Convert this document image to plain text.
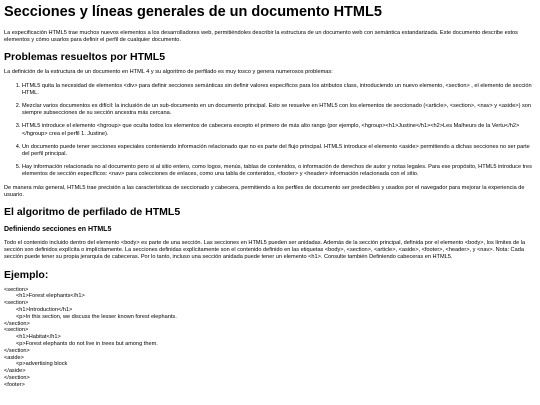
Secciones y líneas generales de un documento HTML5

La especificación HTML5 trae muchos nuevos elementos a los desarrolladores web, permitiéndoles describir la estructura de un documento web con semántica estandarizada. Este documento describe estos elementos y cómo usarlos para definir el perfil de cualquier documento.

Problemas resueltos por HTML5

La definición de la estructura de un documento en HTML 4 y su algoritmo de perfilado es muy tosco y genera numerosos problemas:

1. HTML5 quita la necesidad de elementos <div> para definir secciones semánticas sin definir valores específicos para los atributos class, introduciendo un nuevo elemento, <section> , el elemento de sección HTML.
2. Mezclar varios documentos es difícil: la inclusión de un sub-documento en un documento principal. Esto se resuelve en HTML5 con los elementos de seccionado (<article>, <section>, <nav> y <aside>) son siempre subsecciones de su sección ancestra más cercana.
3. HTML5 introduce el elemento <hgroup> que oculta todos los elementos de cabecera excepto el primero de más alto rango (por ejemplo, <hgroup><h1>Justine</h1><h2>Les Malheurs de la Vertu</h2></hgroup> crea el perfil 1. Justine).
4. Un documento puede tener secciones especiales conteniendo información relacionado que no es parte del flujo principal. HTML5 introduce el elemento <aside> permitiendo a dichas secciones no ser parte del perfil principal.
5. Hay información relacionada no al documento pero si al sitio entero, como logos, menús, tablas de contenidos, o información de derechos de autor y notas legales. Para ese propósito, HTML5 introduce tres elementos de sección específicos: <nav> para colecciones de enlaces, como una tabla de contenidos, <footer> y <header> información relacionada con el sitio.

De manera más general, HTML5 trae precisión a las características de seccionado y cabecera, permitiendo a los perfiles de documento ser predecibles y usados por el navegador para mejorar la experiencia de usuario.

El algoritmo de perfilado de HTML5
Definiendo secciones en HTML5

Todo el contenido incluido dentro del elemento <body> es parte de una sección. Las secciones en HTML5 pueden ser anidadas. Además de la sección principal, definida por el elemento <body>, los límites de la sección son definidos explícita o implícitamente. La secciones definidas explícitamente son el contenido definido en las etiquetas <body>, <section>, <article>, <aside>, <footer>, <header>, y <nav>. Nota: Cada sección puede tener su propia jerarquía de cabeceras. Por lo tanto, incluso una sección anidada puede tener un elemento <h1>. Consulte también Definiendo cabeceras en HTML5.

Ejemplo:
<section>
<h1>Forest elephants</h1>
<section>
<h1>Introduction</h1>
<p>In this section, we discuss the lesser known forest elephants.
</section>
<section>
<h1>Habitat</h1>
<p>Forest elephants do not live in trees but among them.
</section>
<aside>
<p>advertising block
</aside>
</section>
<footer>
